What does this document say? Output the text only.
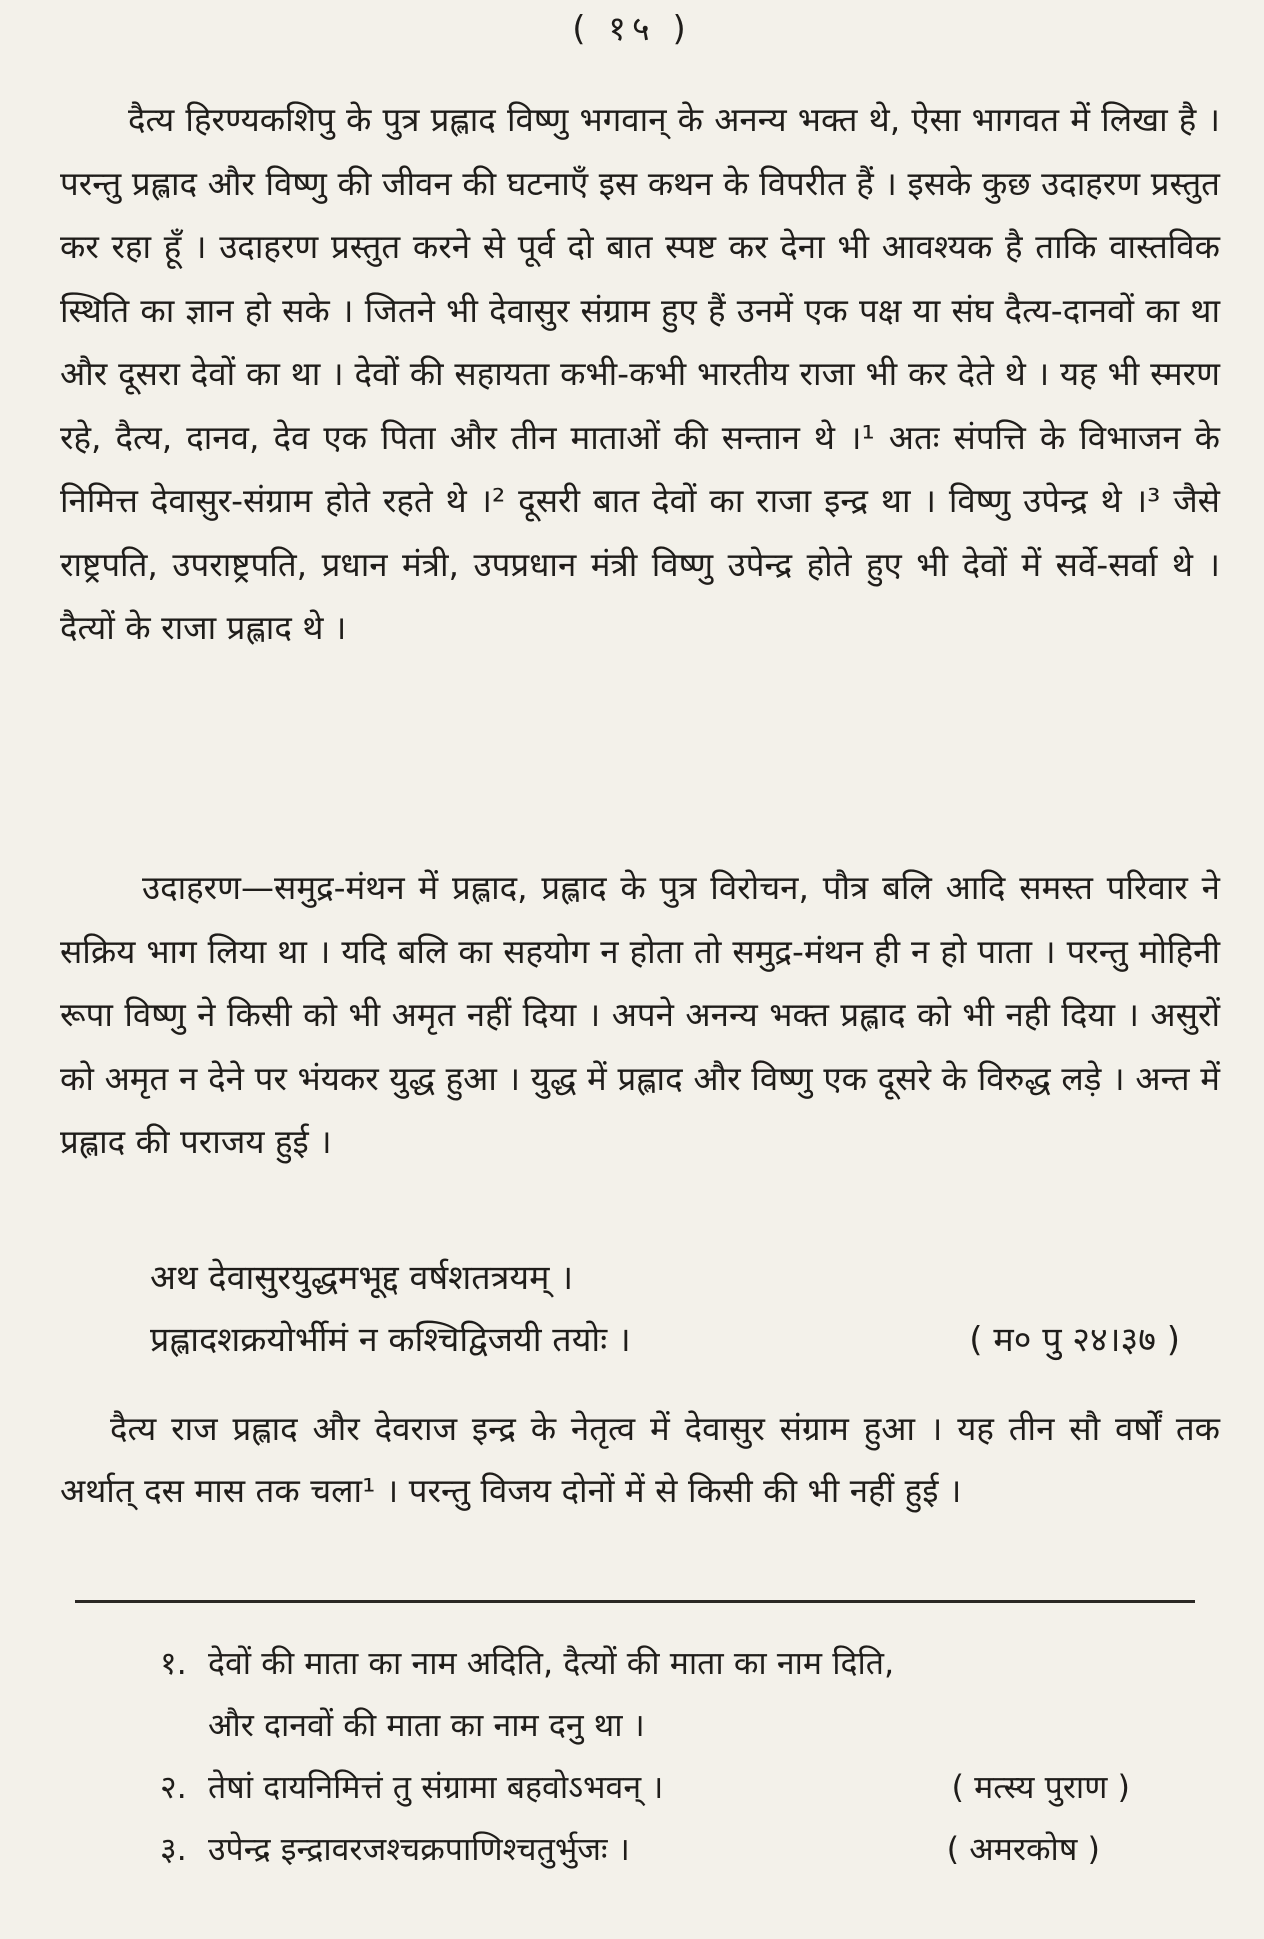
( १५ )
दैत्य हिरण्यकशिपु के पुत्र प्रह्लाद विष्णु भगवान् के अनन्य भक्त थे, ऐसा भागवत में लिखा है । परन्तु प्रह्लाद और विष्णु की जीवन की घटनाएँ इस कथन के विपरीत हैं । इसके कुछ उदाहरण प्रस्तुत कर रहा हूँ । उदाहरण प्रस्तुत करने से पूर्व दो बात स्पष्ट कर देना भी आवश्यक है ताकि वास्तविक स्थिति का ज्ञान हो सके । जितने भी देवासुर संग्राम हुए हैं उनमें एक पक्ष या संघ दैत्य-दानवों का था और दूसरा देवों का था । देवों की सहायता कभी-कभी भारतीय राजा भी कर देते थे । यह भी स्मरण रहे, दैत्य, दानव, देव एक पिता और तीन माताओं की सन्तान थे ।¹ अतः संपत्ति के विभाजन के निमित्त देवासुर-संग्राम होते रहते थे ।² दूसरी बात देवों का राजा इन्द्र था । विष्णु उपेन्द्र थे ।³ जैसे राष्ट्रपति, उपराष्ट्रपति, प्रधान मंत्री, उपप्रधान मंत्री विष्णु उपेन्द्र होते हुए भी देवों में सर्वे-सर्वा थे । दैत्यों के राजा प्रह्लाद थे ।
उदाहरण—समुद्र-मंथन में प्रह्लाद, प्रह्लाद के पुत्र विरोचन, पौत्र बलि आदि समस्त परिवार ने सक्रिय भाग लिया था । यदि बलि का सहयोग न होता तो समुद्र-मंथन ही न हो पाता । परन्तु मोहिनी रूपा विष्णु ने किसी को भी अमृत नहीं दिया । अपने अनन्य भक्त प्रह्लाद को भी नही दिया । असुरों को अमृत न देने पर भंयकर युद्ध हुआ । युद्ध में प्रह्लाद और विष्णु एक दूसरे के विरुद्ध लड़े । अन्त में प्रह्लाद की पराजय हुई ।
अथ देवासुरयुद्धमभूद्द वर्षशतत्रयम् ।
प्रह्लादशक्रयोर्भीमं न कश्चिद्विजयी तयोः ।	( म० पु २४।३७ )
दैत्य राज प्रह्लाद और देवराज इन्द्र के नेतृत्व में देवासुर संग्राम हुआ । यह तीन सौ वर्षों तक अर्थात् दस मास तक चला¹ । परन्तु विजय दोनों में से किसी की भी नहीं हुई ।
१. देवों की माता का नाम अदिति, दैत्यों की माता का नाम दिति,
और दानवों की माता का नाम दनु था ।
२. तेषां दायनिमित्तं तु संग्रामा बहवोऽभवन् ।	( मत्स्य पुराण )
३. उपेन्द्र इन्द्रावरजश्चक्रपाणिश्चतुर्भुजः ।	( अमरकोष )
